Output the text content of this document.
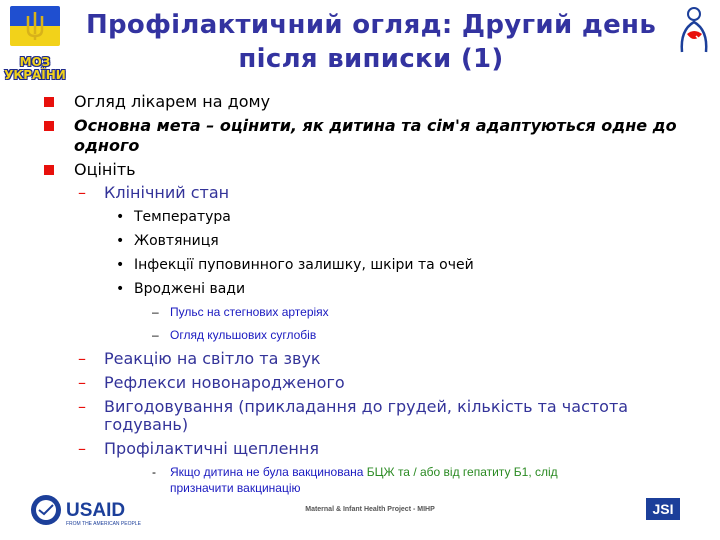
МОЗ УКРАЇНИ
Профілактичний огляд: Другий день після виписки (1)
Огляд лікарем на дому
Основна мета – оцінити, як дитина та сім'я адаптуються одне до одного
Оцініть
– Клінічний стан
• Температура
• Жовтяниця
• Інфекції пуповинного залишку, шкіри та очей
• Вроджені вади
– Пульс на стегнових артеріях
– Огляд кульшових суглобів
– Реакцію на світло та звук
– Рефлекси новонародженого
– Вигодовування (прикладання до грудей, кількість та частота годувань)
– Профілактичні щеплення
- Якщо дитина не була вакцинована БЦЖ та / або від гепатиту Б1, слід
призначити вакцинацію
USAID
FROM THE AMERICAN PEOPLE
Maternal & Infant Health Project - MIHP	JSI
